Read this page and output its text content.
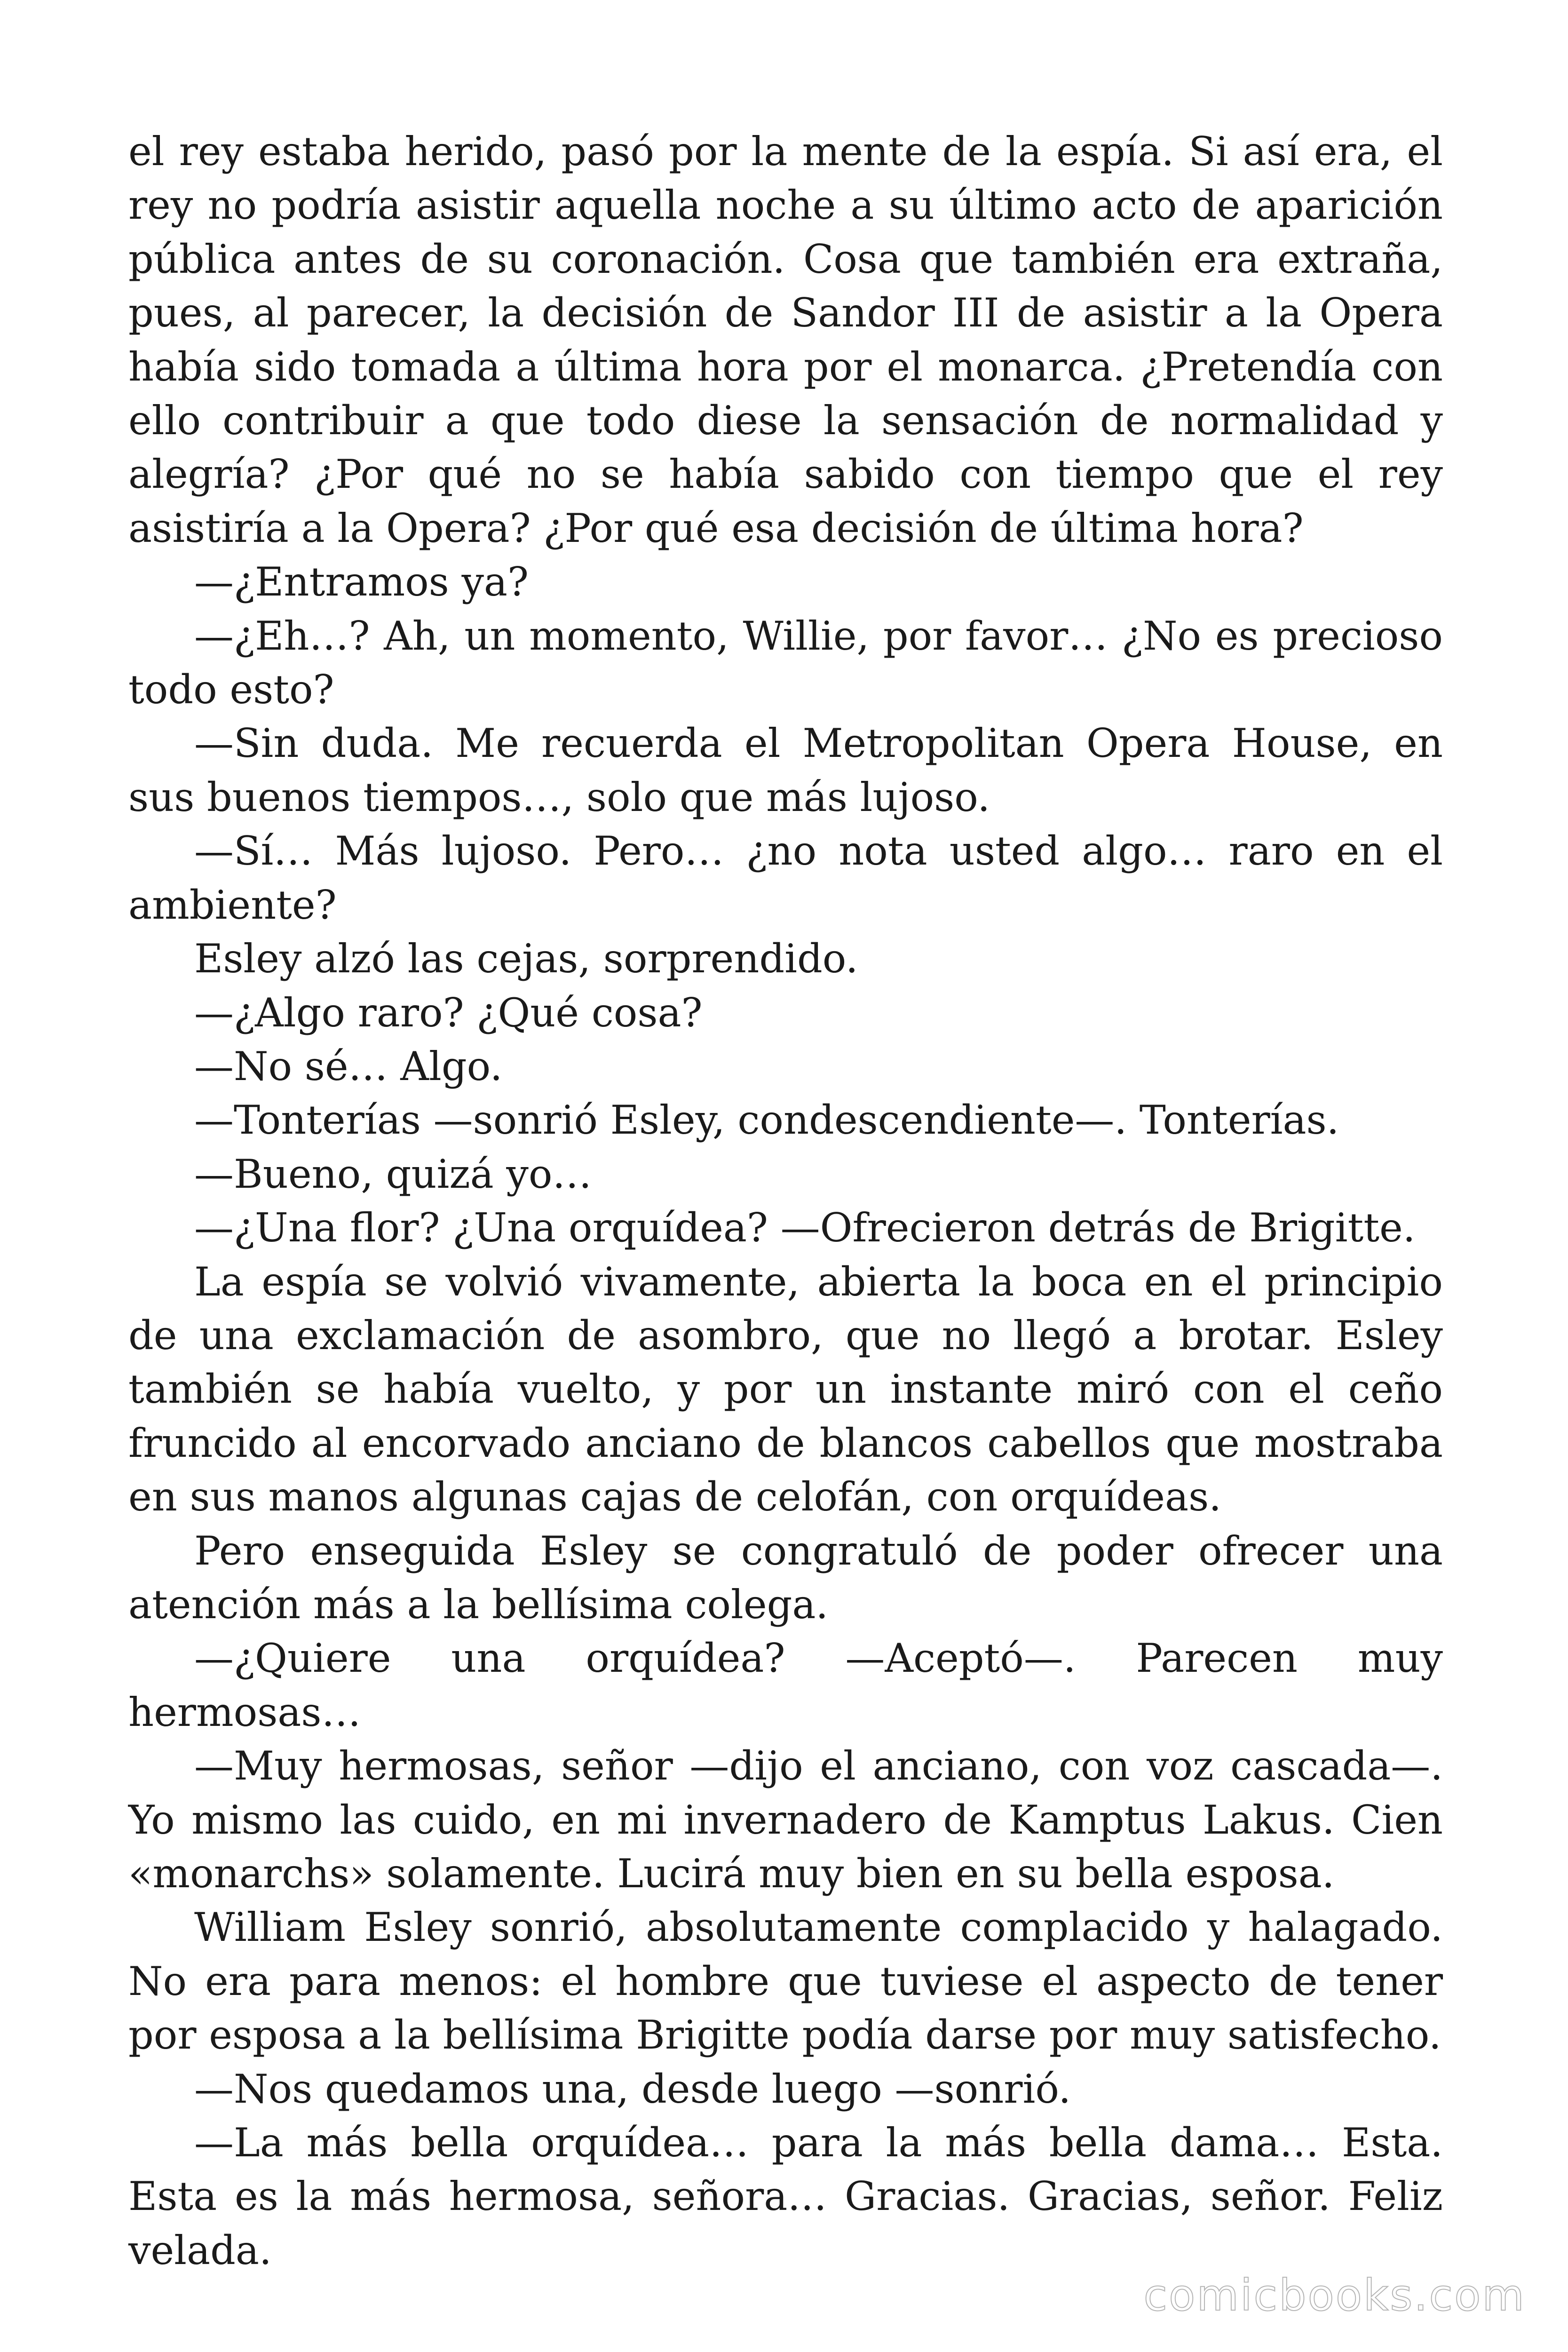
el rey estaba herido, pasó por la mente de la espía. Si así era, el rey no podría asistir aquella noche a su último acto de aparición pública antes de su coronación. Cosa que también era extraña, pues, al parecer, la decisión de Sandor III de asistir a la Opera había sido tomada a última hora por el monarca. ¿Pretendía con ello contribuir a que todo diese la sensación de normalidad y alegría? ¿Por qué no se había sabido con tiempo que el rey asistiría a la Opera? ¿Por qué esa decisión de última hora?

—¿Entramos ya?

—¿Eh…? Ah, un momento, Willie, por favor… ¿No es precioso todo esto?

—Sin duda. Me recuerda el Metropolitan Opera House, en sus buenos tiempos…, solo que más lujoso.

—Sí… Más lujoso. Pero… ¿no nota usted algo… raro en el ambiente?

Esley alzó las cejas, sorprendido.

—¿Algo raro? ¿Qué cosa?

—No sé… Algo.

—Tonterías —sonrió Esley, condescendiente—. Tonterías.

—Bueno, quizá yo…

—¿Una flor? ¿Una orquídea? —Ofrecieron detrás de Brigitte.

La espía se volvió vivamente, abierta la boca en el principio de una exclamación de asombro, que no llegó a brotar. Esley también se había vuelto, y por un instante miró con el ceño fruncido al encorvado anciano de blancos cabellos que mostraba en sus manos algunas cajas de celofán, con orquídeas.

Pero enseguida Esley se congratuló de poder ofrecer una atención más a la bellísima colega.

—¿Quiere una orquídea? —Aceptó—. Parecen muy hermosas…

—Muy hermosas, señor —dijo el anciano, con voz cascada—. Yo mismo las cuido, en mi invernadero de Kamptus Lakus. Cien «monarchs» solamente. Lucirá muy bien en su bella esposa.

William Esley sonrió, absolutamente complacido y halagado. No era para menos: el hombre que tuviese el aspecto de tener por esposa a la bellísima Brigitte podía darse por muy satisfecho.

—Nos quedamos una, desde luego —sonrió.

—La más bella orquídea… para la más bella dama… Esta. Esta es la más hermosa, señora… Gracias. Gracias, señor. Feliz velada.

comicbooks.com
